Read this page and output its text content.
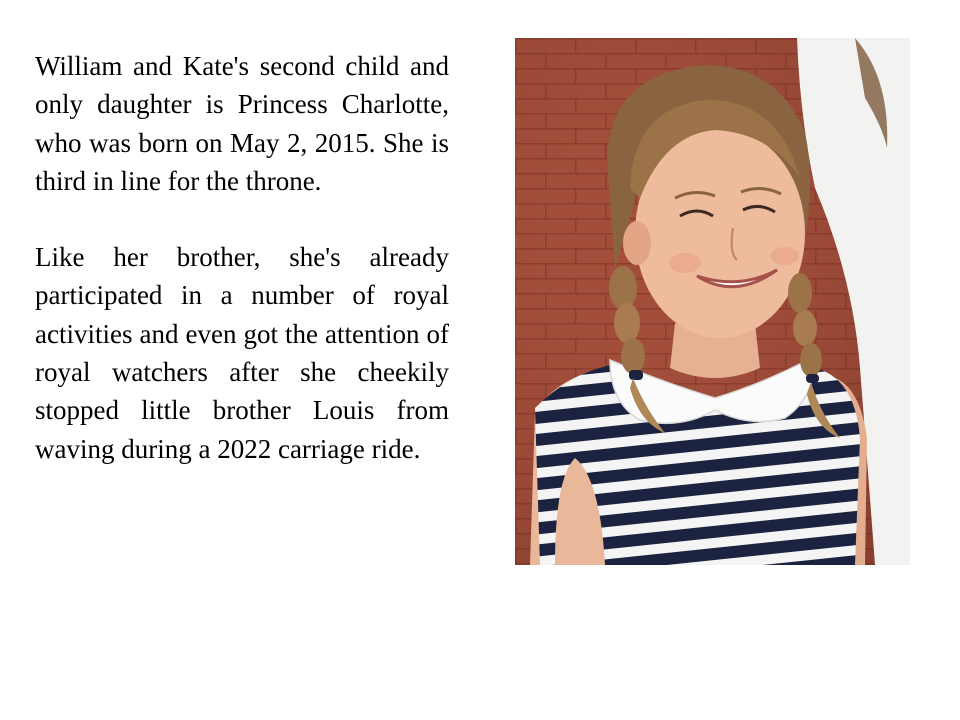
William and Kate's second child and only daughter is Princess Charlotte, who was born on May 2, 2015. She is third in line for the throne.

Like her brother, she's already participated in a number of royal activities and even got the attention of royal watchers after she cheekily stopped little brother Louis from waving during a 2022 carriage ride.
